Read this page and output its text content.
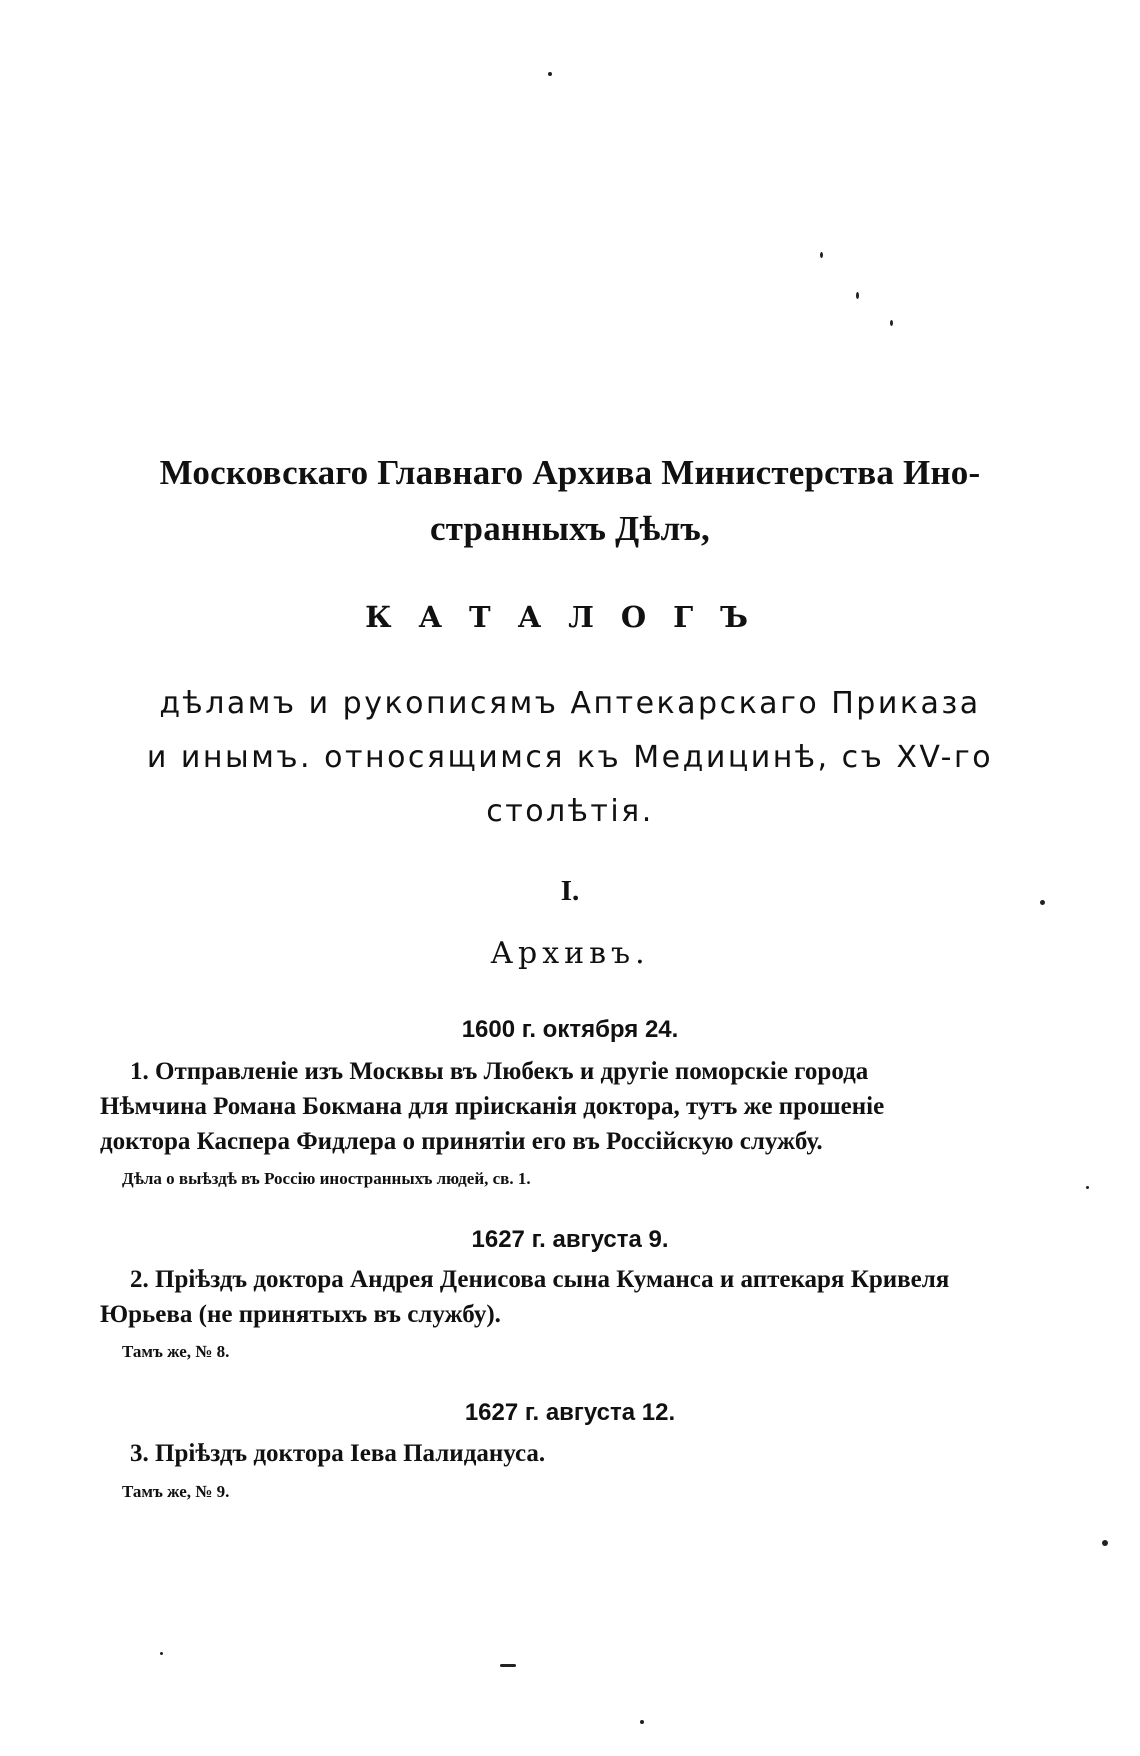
Московскаго Главнаго Архива Министерства Ино-
странныхъ Дѣлъ,
КАТАЛОГЪ
дѣламъ и рукописямъ Аптекарскаго Приказа
и инымъ. относящимся къ Медицинѣ, съ XV-го
столѣтія.
I.
Архивъ.
1600 г. октября 24.
1. Отправленіе изъ Москвы въ Любекъ и другіе поморскіе города
Нѣмчина Романа Бокмана для пріисканія доктора, тутъ же прошеніе
доктора Каспера Фидлера о принятіи его въ Россійскую службу.
Дѣла о выѣздѣ въ Россію иностранныхъ людей, св. 1.
1627 г. августа 9.
2. Пріѣздъ доктора Андрея Денисова сына Куманса и аптекаря Кривеля
Юрьева (не принятыхъ въ службу).
Тамъ же, № 8.
1627 г. августа 12.
3. Пріѣздъ доктора Іева Палидануса.
Тамъ же, № 9.
